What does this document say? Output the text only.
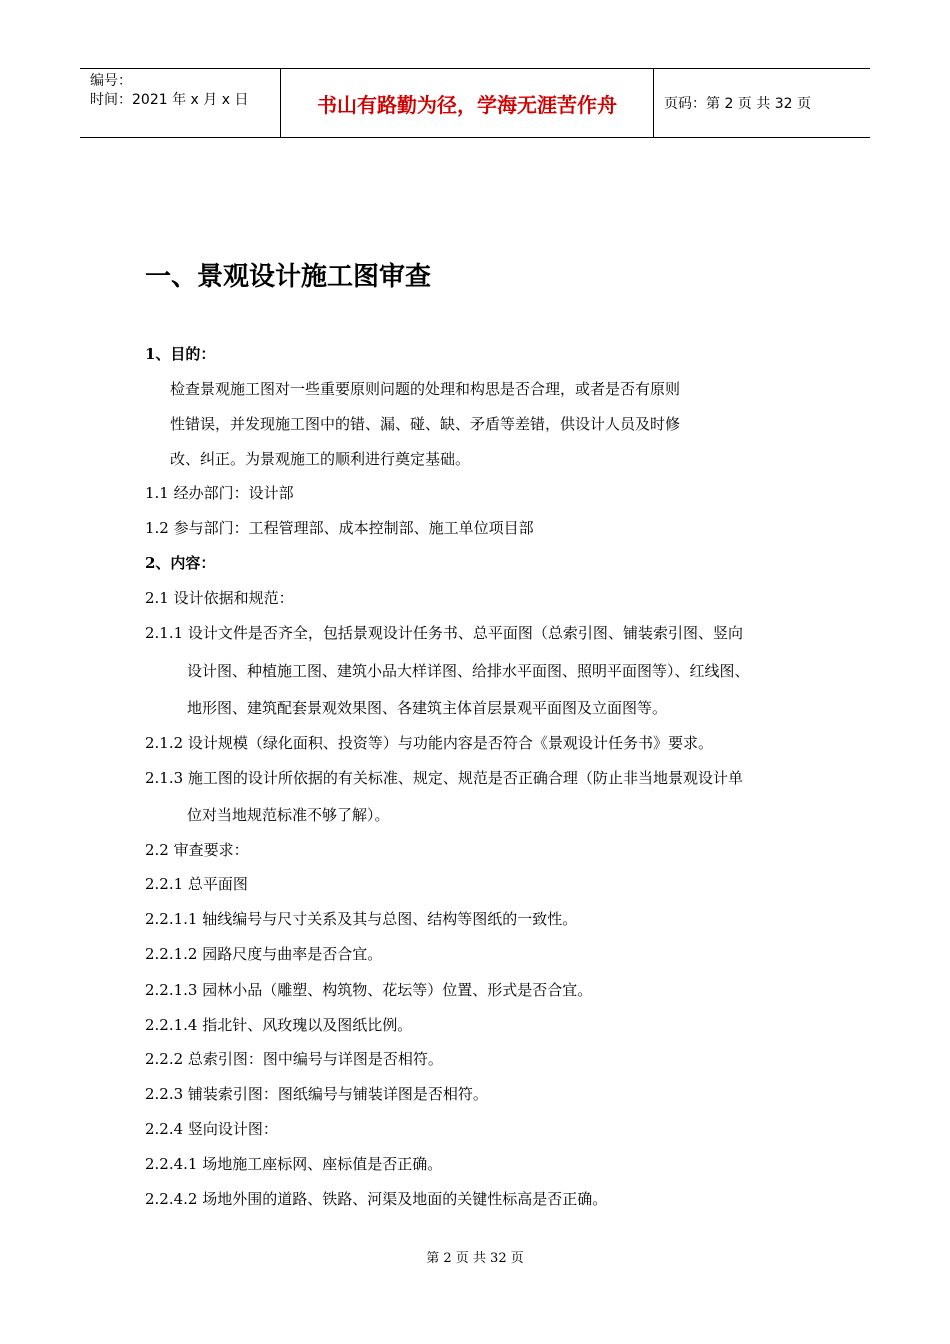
编号：
时间：2021 年 x 月 x 日	书山有路勤为径，学海无涯苦作舟	页码：第 2 页 共 32 页
一、景观设计施工图审查
1、目的：
检查景观施工图对一些重要原则问题的处理和构思是否合理，或者是否有原则
性错误，并发现施工图中的错、漏、碰、缺、矛盾等差错，供设计人员及时修
改、纠正。为景观施工的顺利进行奠定基础。
1.1 经办部门：设计部
1.2 参与部门：工程管理部、成本控制部、施工单位项目部
2、内容：
2.1 设计依据和规范：
2.1.1 设计文件是否齐全，包括景观设计任务书、总平面图（总索引图、铺装索引图、竖向
设计图、种植施工图、建筑小品大样详图、给排水平面图、照明平面图等）、红线图、
地形图、建筑配套景观效果图、各建筑主体首层景观平面图及立面图等。
2.1.2 设计规模（绿化面积、投资等）与功能内容是否符合《景观设计任务书》要求。
2.1.3 施工图的设计所依据的有关标准、规定、规范是否正确合理（防止非当地景观设计单
位对当地规范标准不够了解）。
2.2 审查要求：
2.2.1 总平面图
2.2.1.1 轴线编号与尺寸关系及其与总图、结构等图纸的一致性。
2.2.1.2 园路尺度与曲率是否合宜。
2.2.1.3 园林小品（雕塑、构筑物、花坛等）位置、形式是否合宜。
2.2.1.4 指北针、风玫瑰以及图纸比例。
2.2.2 总索引图：图中编号与详图是否相符。
2.2.3 铺装索引图：图纸编号与铺装详图是否相符。
2.2.4 竖向设计图：
2.2.4.1 场地施工座标网、座标值是否正确。
2.2.4.2 场地外围的道路、铁路、河渠及地面的关键性标高是否正确。
第 2 页 共 32 页
